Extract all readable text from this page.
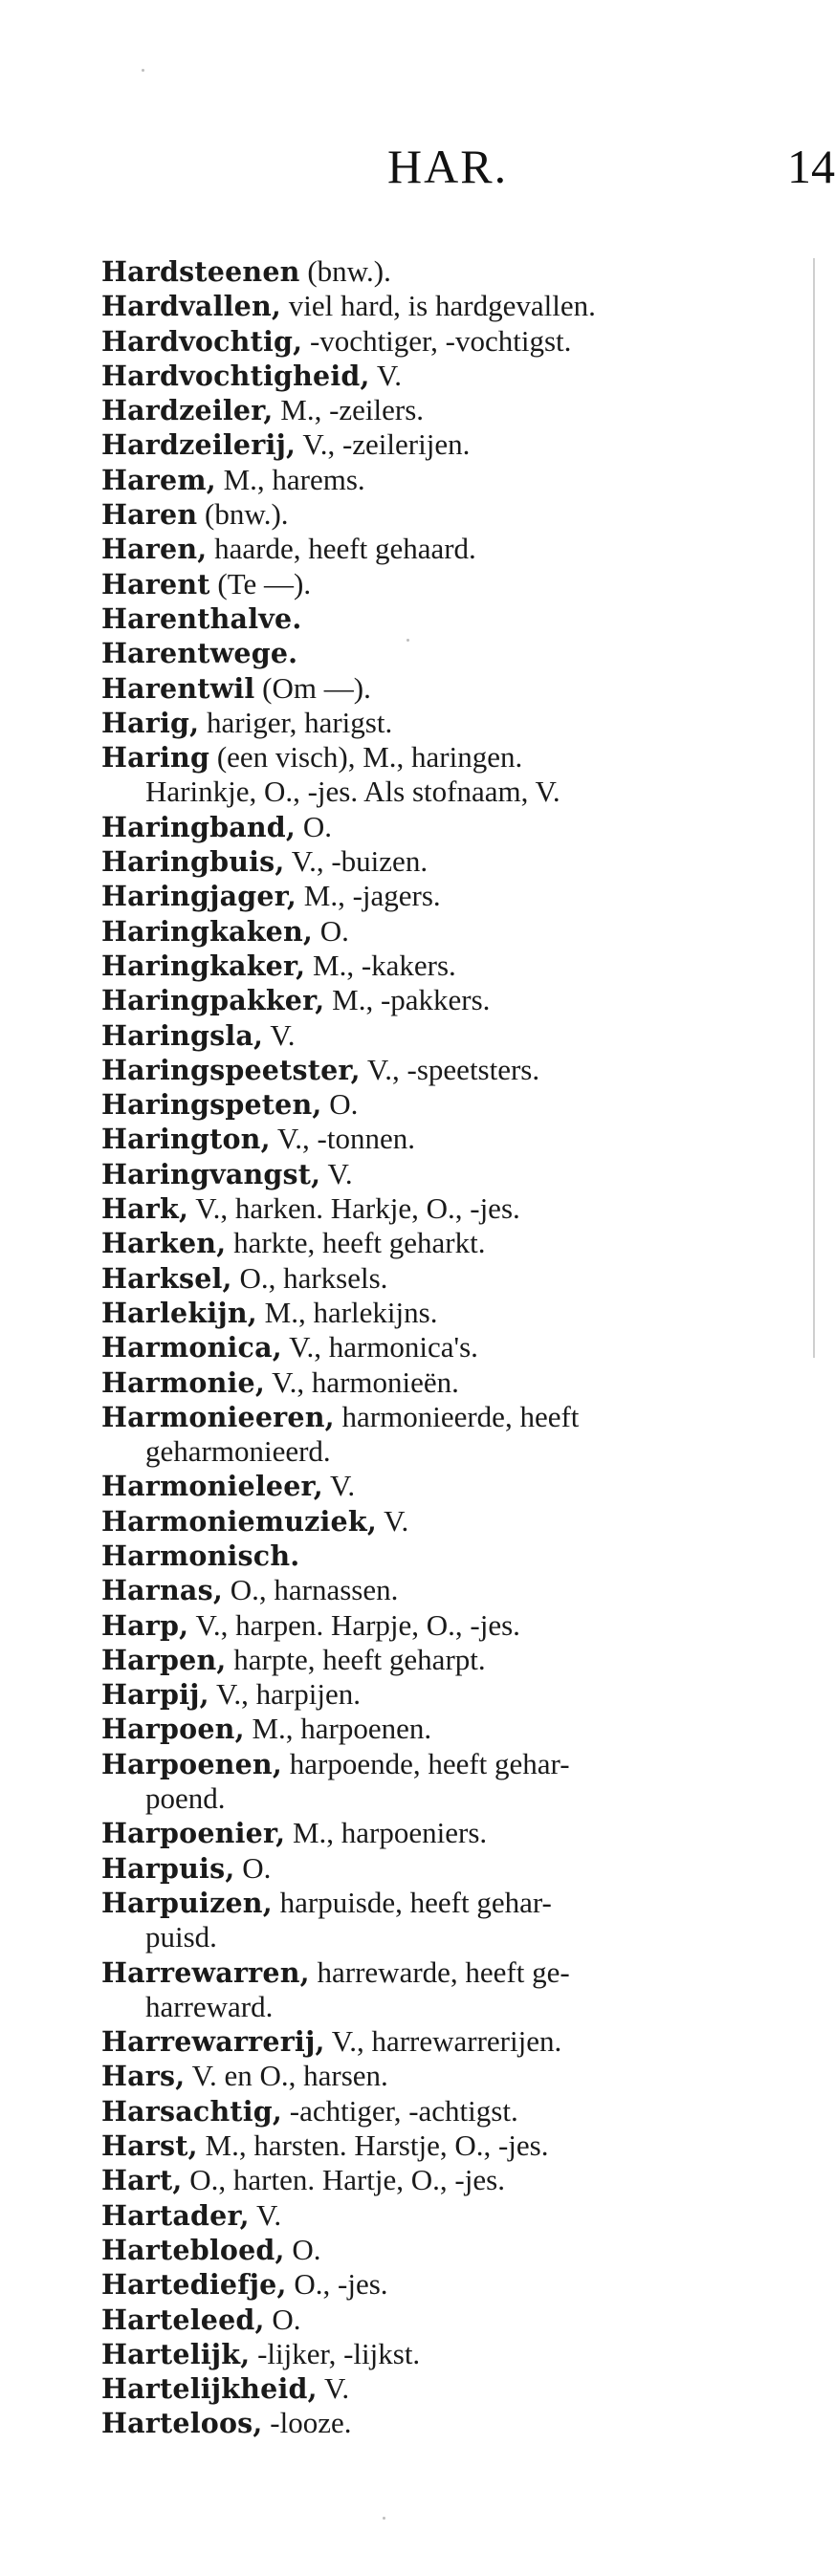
HAR.	14
Hardsteenen (bnw.).
Hardvallen, viel hard, is hardgevallen.
Hardvochtig, -vochtiger, -vochtigst.
Hardvochtigheid, V.
Hardzeiler, M., -zeilers.
Hardzeilerij, V., -zeilerijen.
Harem, M., harems.
Haren (bnw.).
Haren, haarde, heeft gehaard.
Harent (Te —).
Harenthalve.
Harentwege.
Harentwil (Om —).
Harig, hariger, harigst.
Haring (een visch), M., haringen.
Harinkje, O., -jes. Als stofnaam, V.
Haringband, O.
Haringbuis, V., -buizen.
Haringjager, M., -jagers.
Haringkaken, O.
Haringkaker, M., -kakers.
Haringpakker, M., -pakkers.
Haringsla, V.
Haringspeetster, V., -speetsters.
Haringspeten, O.
Harington, V., -tonnen.
Haringvangst, V.
Hark, V., harken. Harkje, O., -jes.
Harken, harkte, heeft geharkt.
Harksel, O., harksels.
Harlekijn, M., harlekijns.
Harmonica, V., harmonica's.
Harmonie, V., harmonieën.
Harmonieeren, harmonieerde, heeft
geharmonieerd.
Harmonieleer, V.
Harmoniemuziek, V.
Harmonisch.
Harnas, O., harnassen.
Harp, V., harpen. Harpje, O., -jes.
Harpen, harpte, heeft geharpt.
Harpij, V., harpijen.
Harpoen, M., harpoenen.
Harpoenen, harpoende, heeft gehar-
poend.
Harpoenier, M., harpoeniers.
Harpuis, O.
Harpuizen, harpuisde, heeft gehar-
puisd.
Harrewarren, harrewarde, heeft ge-
harreward.
Harrewarrerij, V., harrewarrerijen.
Hars, V. en O., harsen.
Harsachtig, -achtiger, -achtigst.
Harst, M., harsten. Harstje, O., -jes.
Hart, O., harten. Hartje, O., -jes.
Hartader, V.
Hartebloed, O.
Hartediefje, O., -jes.
Harteleed, O.
Hartelijk, -lijker, -lijkst.
Hartelijkheid, V.
Harteloos, -looze.
